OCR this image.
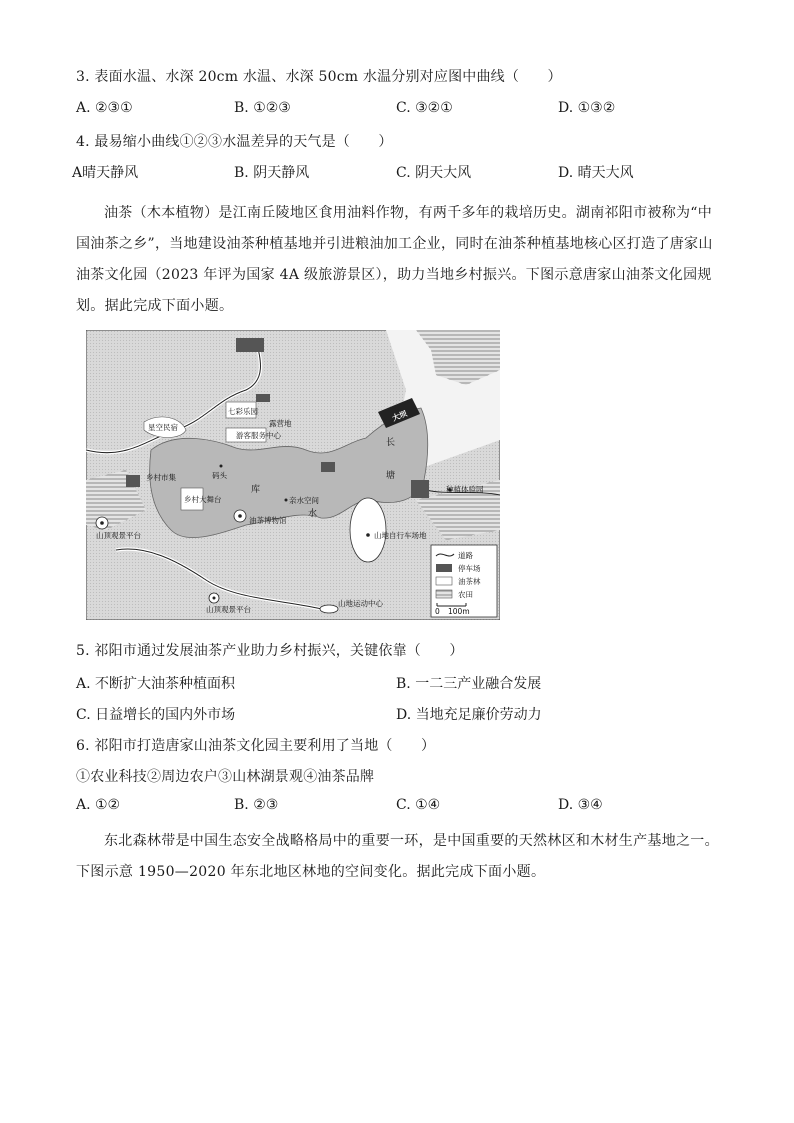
3. 表面水温、水深 20cm 水温、水深 50cm 水温分别对应图中曲线（　　）
A. ②③①	B. ①②③	C. ③②①	D. ①③②
4. 最易缩小曲线①②③水温差异的天气是（　　）
A晴天静风	B. 阴天静风	C. 阴天大风	D. 晴天大风
油茶（木本植物）是江南丘陵地区食用油料作物，有两千多年的栽培历史。湖南祁阳市被称为“中国油茶之乡”，当地建设油茶种植基地并引进粮油加工企业，同时在油茶种植基地核心区打造了唐家山油茶文化园（2023 年评为国家 4A 级旅游景区），助力当地乡村振兴。下图示意唐家山油茶文化园规划。据此完成下面小题。
大坝
星空民宿
七彩乐园
露营地
游客服务中心
码头
乡村市集
乡村大舞台
油茶博物馆
亲水空间
库
水
长
塘
山顶观景平台
山顶观景平台
山地自行车场地
山地运动中心
种植体验园
道路
停车场
油茶林
农田
0 100m
5. 祁阳市通过发展油茶产业助力乡村振兴，关键依靠（　　）
A. 不断扩大油茶种植面积	B. 一二三产业融合发展
C. 日益增长的国内外市场	D. 当地充足廉价劳动力
6. 祁阳市打造唐家山油茶文化园主要利用了当地（　　）
①农业科技②周边农户③山林湖景观④油茶品牌
A. ①②	B. ②③	C. ①④	D. ③④
东北森林带是中国生态安全战略格局中的重要一环，是中国重要的天然林区和木材生产基地之一。下图示意 1950—2020 年东北地区林地的空间变化。据此完成下面小题。
